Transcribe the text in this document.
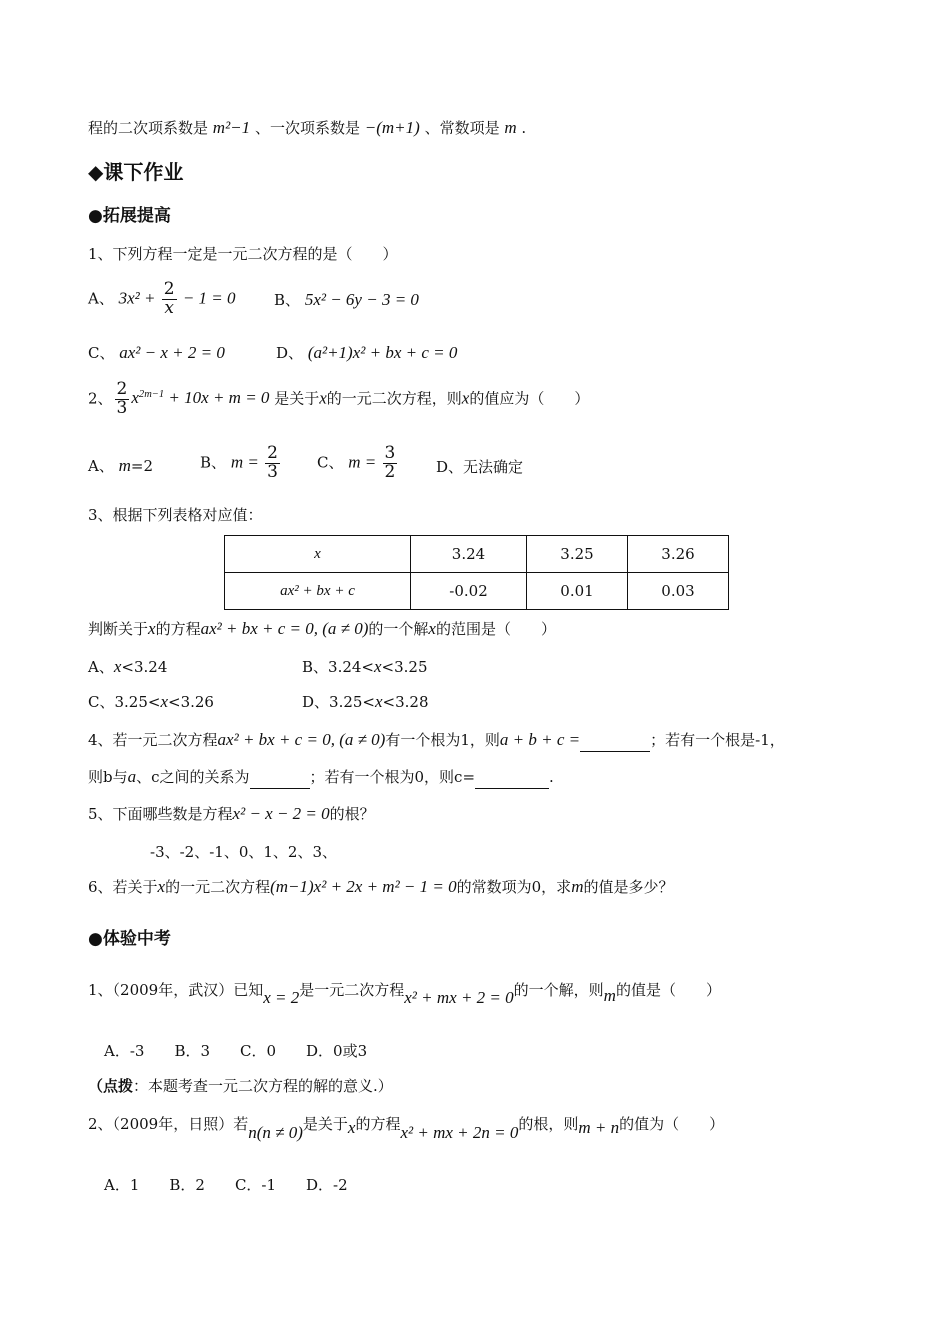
程的二次项系数是 m²−1 、一次项系数是 −(m+1) 、常数项是 m .
◆课下作业
●拓展提高
1、下列方程一定是一元二次方程的是（　　）
A、 $3x^2 + \frac{2}{x} - 1 = 0$	B、 5x² − 6y − 3 = 0
C、 ax² − x + 2 = 0	D、 (a²+1)x² + bx + c = 0
2、 $\frac{2}{3} x^{2m-1} + 10x + m = 0$ 是关于x的一元二次方程，则x的值应为（　　）
A、 m=2	B、 $m = \frac{2}{3}$ C、 $m = \frac{3}{2}$	D、无法确定
3、根据下列表格对应值：
x	3.24	3.25	3.26
ax² + bx + c	-0.02	0.01	0.03
判断关于x的方程ax² + bx + c = 0, (a ≠ 0)的一个解x的范围是（　　）
A、x<3.24	B、3.24<x<3.25
C、3.25<x<3.26	D、3.25<x<3.28
4、若一元二次方程ax² + bx + c = 0, (a ≠ 0)有一个根为1，则a + b + c =	；若有一个根是-1，
则b与a、c之间的关系为	；若有一个根为0，则c=	.
5、下面哪些数是方程x² − x − 2 = 0的根？
-3、-2、-1、0、1、2、3、
6、若关于x的一元二次方程(m−1)x² + 2x + m² − 1 = 0的常数项为0，求m的值是多少？
●体验中考
1、（2009年，武汉）已知x = 2是一元二次方程x² + mx + 2 = 0的一个解，则m的值是（　　）
A．-3　　B．3　　C．0　　D．0或3
（点拨：本题考查一元二次方程的解的意义.）
2、（2009年，日照）若n(n ≠ 0)是关于x的方程x² + mx + 2n = 0的根，则m + n的值为（　　）
A．1　　B．2　　C．-1　　D．-2
